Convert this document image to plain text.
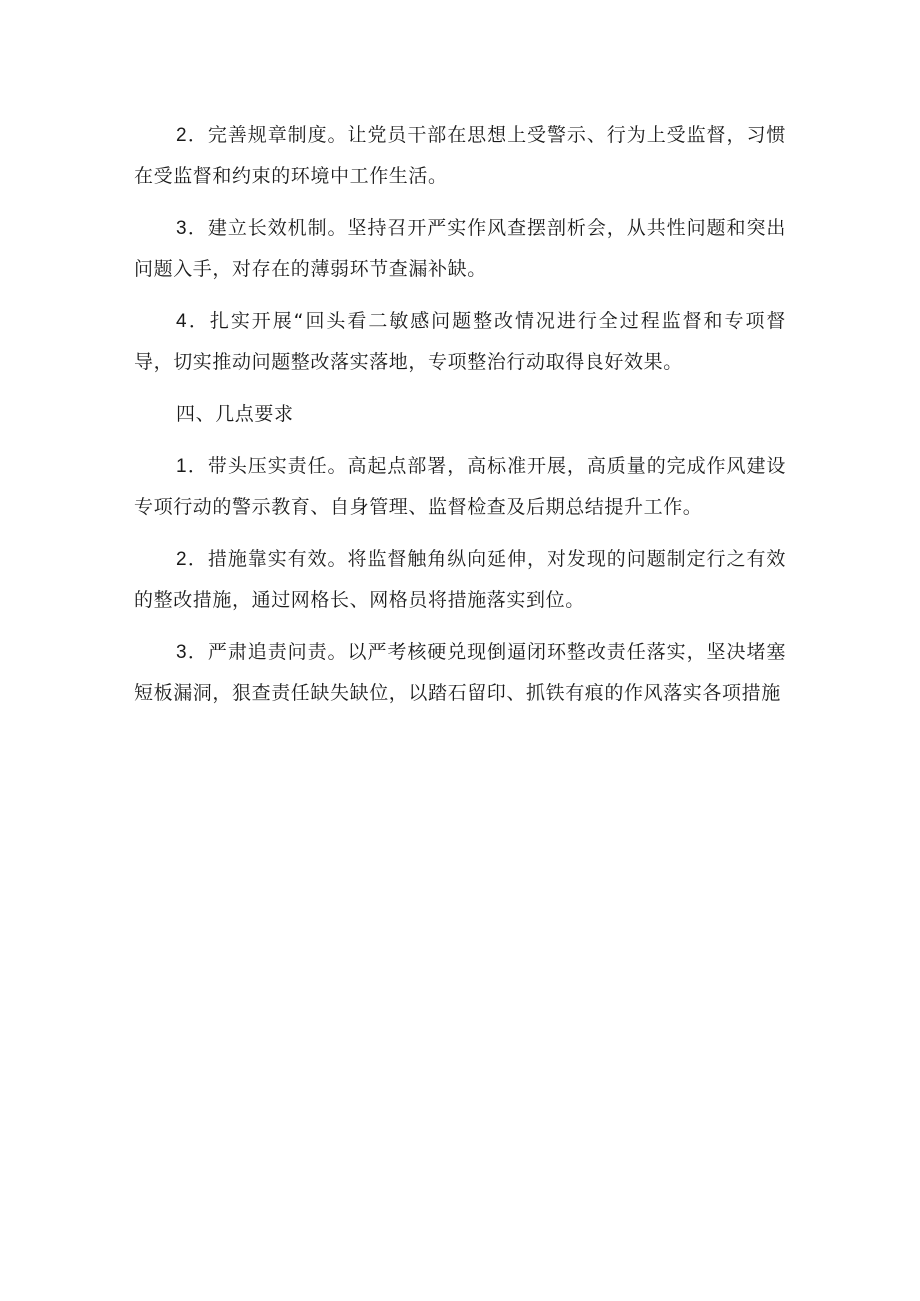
2．完善规章制度。让党员干部在思想上受警示、行为上受监督，习惯在受监督和约束的环境中工作生活。

3．建立长效机制。坚持召开严实作风查摆剖析会，从共性问题和突出问题入手，对存在的薄弱环节查漏补缺。

4．扎实开展“回头看二敏感问题整改情况进行全过程监督和专项督导，切实推动问题整改落实落地，专项整治行动取得良好效果。

四、几点要求

1．带头压实责任。高起点部署，高标准开展，高质量的完成作风建设专项行动的警示教育、自身管理、监督检查及后期总结提升工作。

2．措施靠实有效。将监督触角纵向延伸，对发现的问题制定行之有效的整改措施，通过网格长、网格员将措施落实到位。

3．严肃追责问责。以严考核硬兑现倒逼闭环整改责任落实，坚决堵塞短板漏洞，狠查责任缺失缺位，以踏石留印、抓铁有痕的作风落实各项措施
